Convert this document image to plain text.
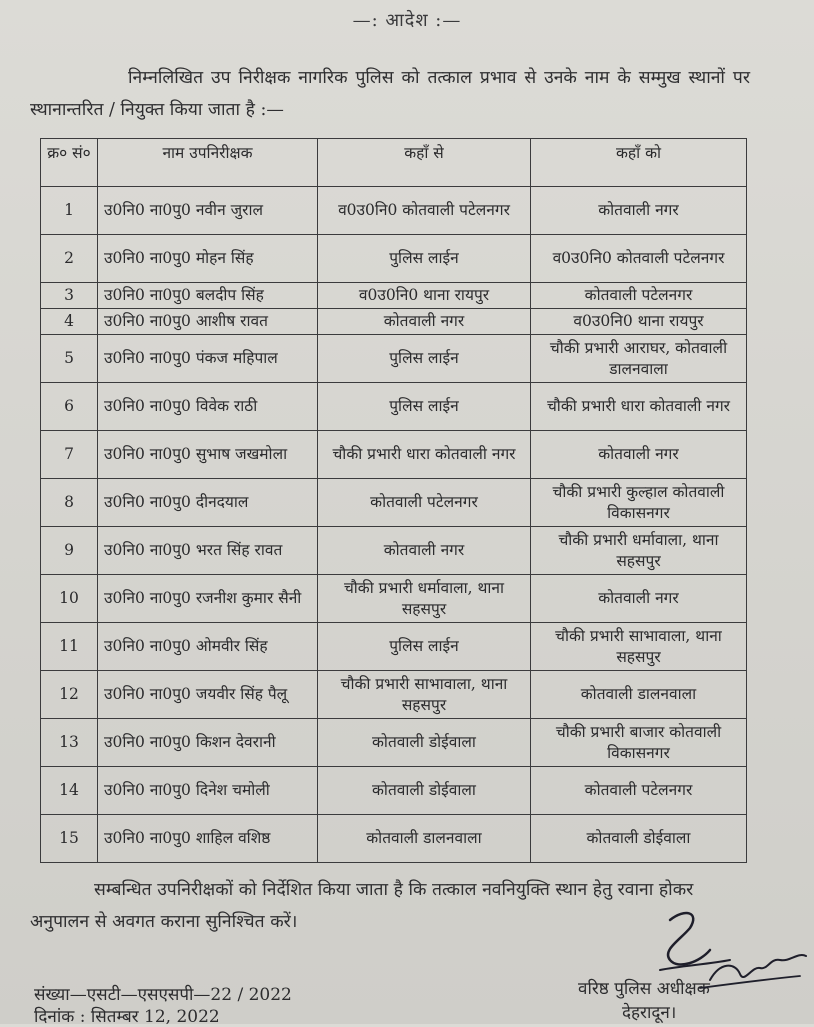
—: आदेश :—
निम्नलिखित उप निरीक्षक नागरिक पुलिस को तत्काल प्रभाव से उनके नाम के सम्मुख स्थानों पर स्थानान्तरित / नियुक्त किया जाता है :—
क्र० सं०	नाम उपनिरीक्षक	कहाँ से	कहाँ को
1	उ0नि0 ना0पु0 नवीन जुराल	व0उ0नि0 कोतवाली पटेलनगर	कोतवाली नगर
2	उ0नि0 ना0पु0 मोहन सिंह	पुलिस लाईन	व0उ0नि0 कोतवाली पटेलनगर
3	उ0नि0 ना0पु0 बलदीप सिंह	व0उ0नि0 थाना रायपुर	कोतवाली पटेलनगर
4	उ0नि0 ना0पु0 आशीष रावत	कोतवाली नगर	व0उ0नि0 थाना रायपुर
5	उ0नि0 ना0पु0 पंकज महिपाल	पुलिस लाईन	चौकी प्रभारी आराघर, कोतवाली डालनवाला
6	उ0नि0 ना0पु0 विवेक राठी	पुलिस लाईन	चौकी प्रभारी धारा कोतवाली नगर
7	उ0नि0 ना0पु0 सुभाष जखमोला	चौकी प्रभारी धारा कोतवाली नगर	कोतवाली नगर
8	उ0नि0 ना0पु0 दीनदयाल	कोतवाली पटेलनगर	चौकी प्रभारी कुल्हाल कोतवाली विकासनगर
9	उ0नि0 ना0पु0 भरत सिंह रावत	कोतवाली नगर	चौकी प्रभारी धर्मावाला, थाना सहसपुर
10	उ0नि0 ना0पु0 रजनीश कुमार सैनी	चौकी प्रभारी धर्मावाला, थाना सहसपुर	कोतवाली नगर
11	उ0नि0 ना0पु0 ओमवीर सिंह	पुलिस लाईन	चौकी प्रभारी साभावाला, थाना सहसपुर
12	उ0नि0 ना0पु0 जयवीर सिंह पैलू	चौकी प्रभारी साभावाला, थाना सहसपुर	कोतवाली डालनवाला
13	उ0नि0 ना0पु0 किशन देवरानी	कोतवाली डोईवाला	चौकी प्रभारी बाजार कोतवाली विकासनगर
14	उ0नि0 ना0पु0 दिनेश चमोली	कोतवाली डोईवाला	कोतवाली पटेलनगर
15	उ0नि0 ना0पु0 शाहिल वशिष्ठ	कोतवाली डालनवाला	कोतवाली डोईवाला
सम्बन्धित उपनिरीक्षकों को निर्देशित किया जाता है कि तत्काल नवनियुक्ति स्थान हेतु रवाना होकर अनुपालन से अवगत कराना सुनिश्चित करें।
संख्या—एसटी—एसएसपी—22 / 2022
दिनांक : सितम्बर 12, 2022
वरिष्ठ पुलिस अधीक्षक
देहरादून।
